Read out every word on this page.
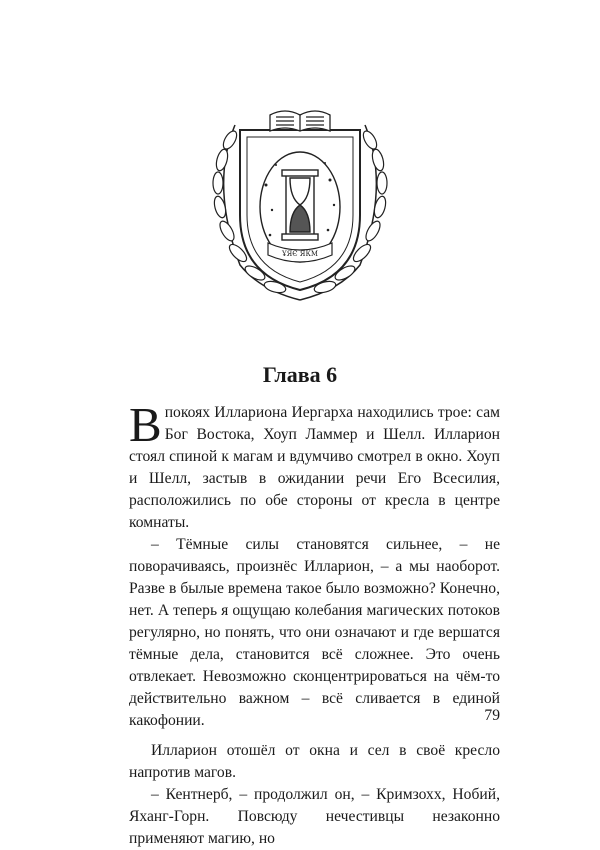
ҰЯЄ ЯКМ
Глава 6

Впокоях Иллариона Иергарха находились трое: сам Бог Востока, Хоуп Ламмер и Шелл. Илларион стоял спиной к магам и вдумчиво смотрел в окно. Хоуп и Шелл, застыв в ожидании речи Его Всесилия, расположились по обе стороны от кресла в центре комнаты.

– Тёмные силы становятся сильнее, – не поворачиваясь, произнёс Илларион, – а мы наоборот. Разве в былые времена такое было возможно? Конечно, нет. А теперь я ощущаю колебания магических потоков регулярно, но понять, что они означают и где вершатся тёмные дела, становится всё сложнее. Это очень отвлекает. Невозможно сконцентрироваться на чём-то действительно важном – всё сливается в единой какофонии.

Илларион отошёл от окна и сел в своё кресло напротив магов.

– Кентнерб, – продолжил он, – Кримзохх, Нобий, Яханг-Горн. Повсюду нечестивцы незаконно применяют магию, но

79
